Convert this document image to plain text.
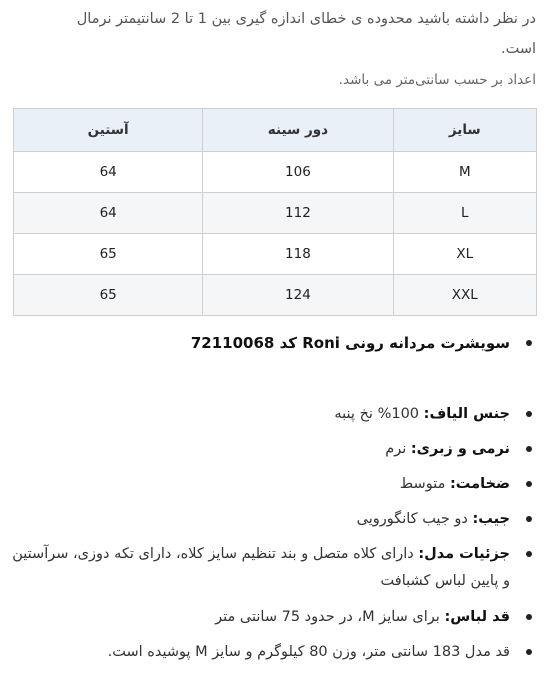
در نظر داشته باشید محدوده ی خطای اندازه گیری بین 1 تا 2 سانتیمتر نرمال

است.

اعداد بر حسب سانتی‌متر می باشد.
سایز	دور سینه	آستین
M	106	64
L	112	64
XL	118	65
XXL	124	65
سویشرت مردانه رونی Roni کد 72110068
جنس الیاف: 100% نخ پنبه
نرمی و زبری: نرم
ضخامت: متوسط
جیب: دو جیب کانگورویی
جزئیات مدل: دارای کلاه متصل و بند تنظیم سایز کلاه، دارای تکه دوزی، سرآستین و پایین لباس کشبافت
قد لباس: برای سایز M، در حدود 75 سانتی متر
قد مدل 183 سانتی متر، وزن 80 کیلوگرم و سایز M پوشیده است.
